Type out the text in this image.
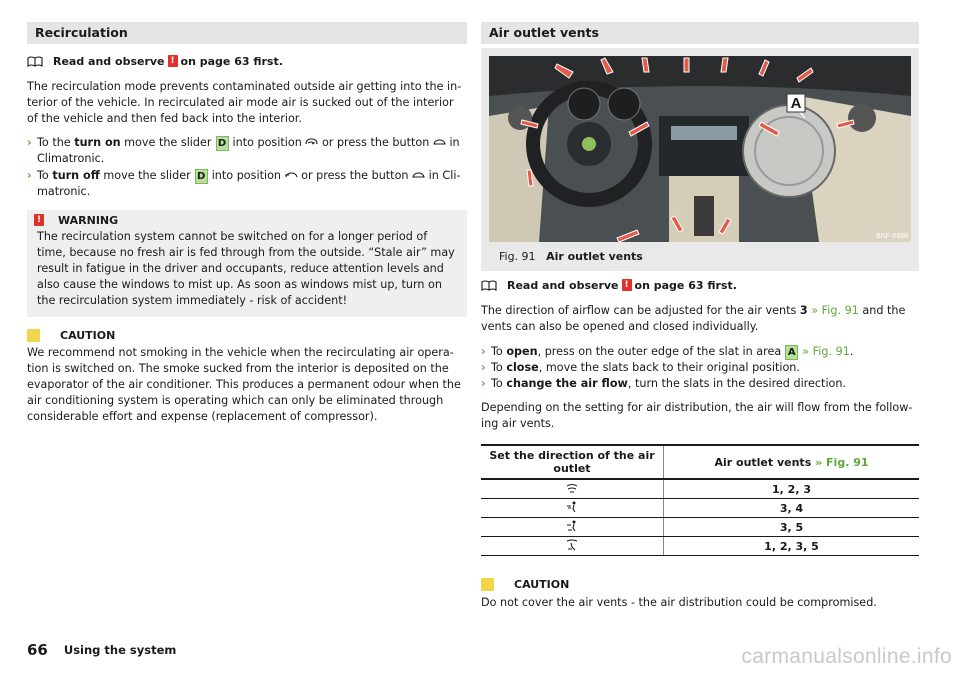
Recirculation
Read and observe ! on page 63 first.

The recirculation mode prevents contaminated outside air getting into the interior of the vehicle. In recirculated air mode air is sucked out of the interior of the vehicle and then fed back into the interior.

› To the turn on move the slider D into position or press the button in Climatronic.
› To turn off move the slider D into position or press the button in Climatronic.
! WARNING

The recirculation system cannot be switched on for a longer period of time, because no fresh air is fed through from the outside. “Stale air” may result in fatigue in the driver and occupants, reduce attention levels and also cause the windows to mist up. As soon as windows mist up, turn on the recirculation system immediately - risk of accident!

CAUTION

We recommend not smoking in the vehicle when the recirculating air operation is switched on. The smoke sucked from the interior is deposited on the evaporator of the air conditioner. This produces a permanent odour when the air conditioning system is operating which can only be eliminated through considerable effort and expense (replacement of compressor).

Air outlet vents
A
BNF-0868
Fig. 91 Air outlet vents
Read and observe ! on page 63 first.

The direction of airflow can be adjusted for the air vents 3 » Fig. 91 and the vents can also be opened and closed individually.

› To open, press on the outer edge of the slat in area A » Fig. 91.
› To close, move the slats back to their original position.
› To change the air flow, turn the slats in the desired direction.

Depending on the setting for air distribution, the air will flow from the following air vents.

Set the direction of the air outlet	Air outlet vents » Fig. 91
	1, 2, 3
	3, 4
	3, 5
	1, 2, 3, 5
CAUTION

Do not cover the air vents - the air distribution could be compromised.

66 Using the system	carmanualsonline.info
